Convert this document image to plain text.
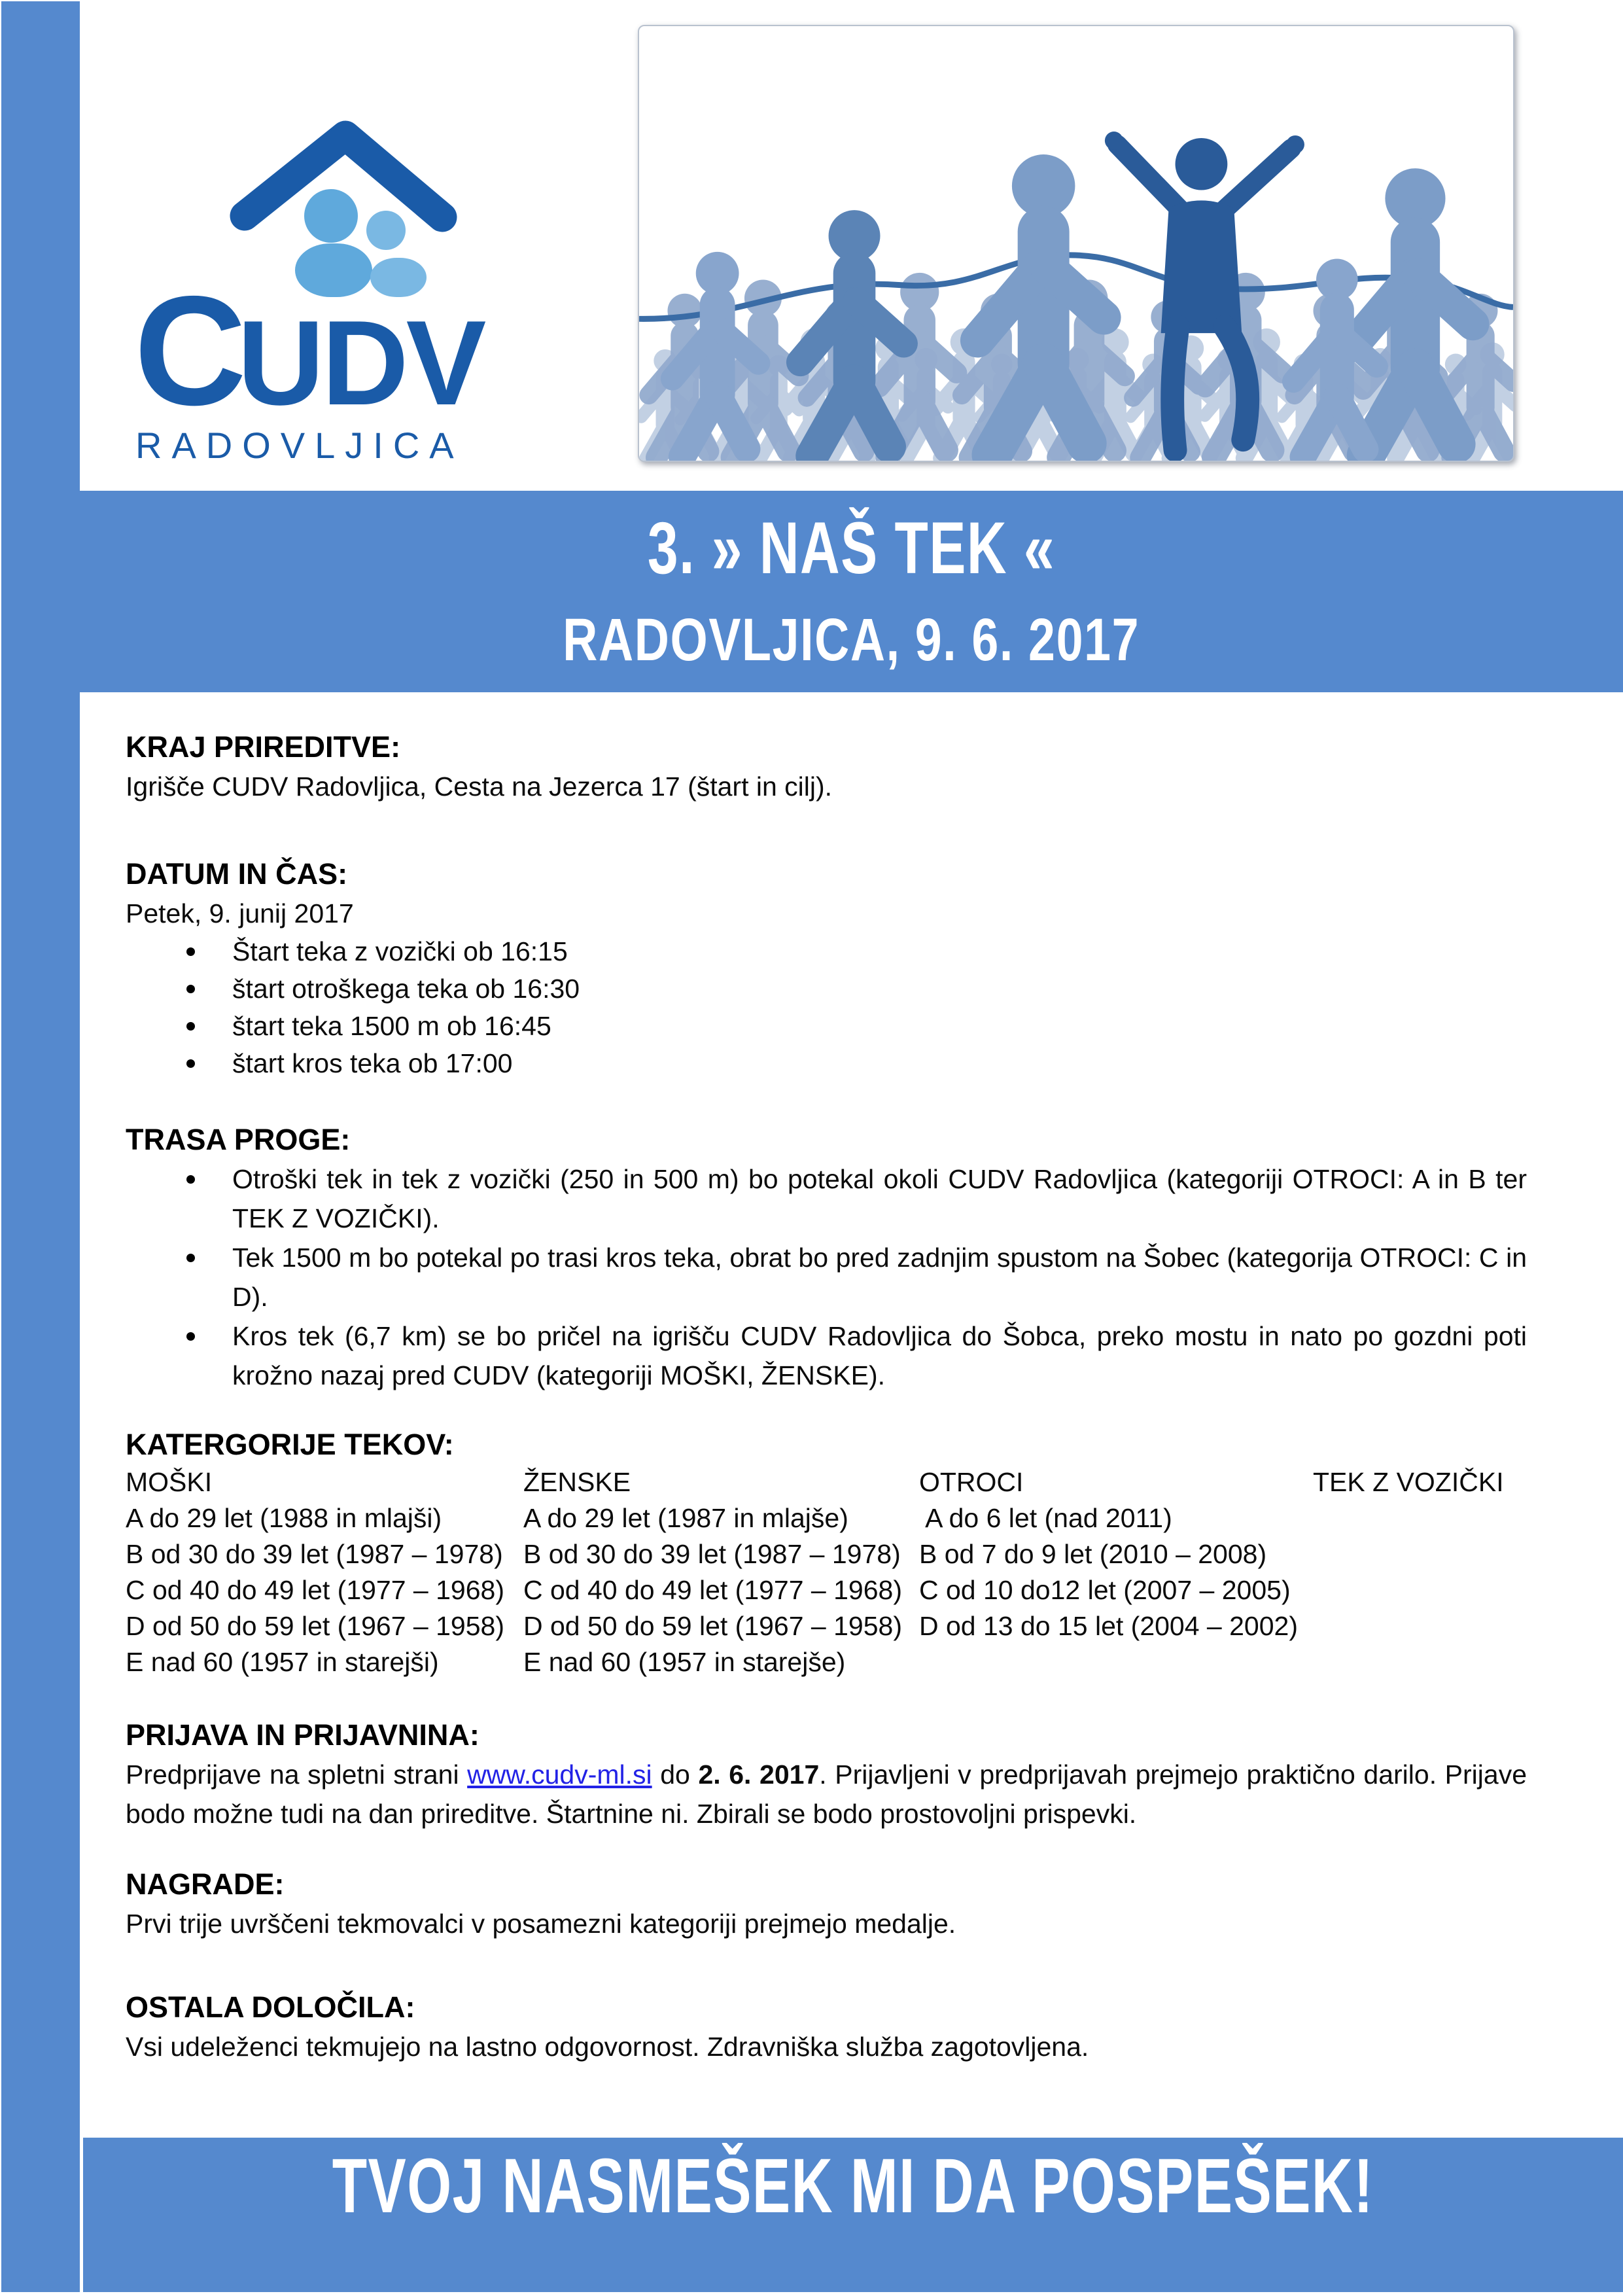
C
UDV
RADOVLJICA
3. » NAŠ TEK «
RADOVLJICA, 9. 6. 2017
KRAJ PRIREDITVE:
Igrišče CUDV Radovljica, Cesta na Jezerca 17 (štart in cilj).
DATUM IN ČAS:
Petek, 9. junij 2017
Štart teka z vozički ob 16:15
štart otroškega teka ob 16:30
štart teka 1500 m ob 16:45
štart kros teka ob 17:00
TRASA PROGE:
Otroški tek in tek z vozički (250 in 500 m) bo potekal okoli CUDV Radovljica (kategoriji OTROCI: A in B ter TEK Z VOZIČKI).
Tek 1500 m bo potekal po trasi kros teka, obrat bo pred zadnjim spustom na Šobec (kategorija OTROCI: C in D).
Kros tek (6,7 km) se bo pričel na igrišču CUDV Radovljica do Šobca, preko mostu in nato po gozdni poti krožno nazaj pred CUDV (kategoriji MOŠKI, ŽENSKE).
KATERGORIJE TEKOV:
MOŠKI
A do 29 let (1988 in mlajši)
B od 30 do 39 let (1987 – 1978)
C od 40 do 49 let (1977 – 1968)
D od 50 do 59 let (1967 – 1958)
E nad 60 (1957 in starejši)
ŽENSKE
A do 29 let (1987 in mlajše)
B od 30 do 39 let (1987 – 1978)
C od 40 do 49 let (1977 – 1968)
D od 50 do 59 let (1967 – 1958)
E nad 60 (1957 in starejše)
OTROCI
A do 6 let (nad 2011)
B od 7 do 9 let (2010 – 2008)
C od 10 do12 let (2007 – 2005)
D od 13 do 15 let (2004 – 2002)
TEK Z VOZIČKI
PRIJAVA IN PRIJAVNINA:
Predprijave na spletni strani www.cudv-ml.si do 2. 6. 2017. Prijavljeni v predprijavah prejmejo praktično darilo. Prijave bodo možne tudi na dan prireditve. Štartnine ni. Zbirali se bodo prostovoljni prispevki.
NAGRADE:
Prvi trije uvrščeni tekmovalci v posamezni kategoriji prejmejo medalje.
OSTALA DOLOČILA:
Vsi udeleženci tekmujejo na lastno odgovornost. Zdravniška služba zagotovljena.
TVOJ NASMEŠEK MI DA POSPEŠEK!
